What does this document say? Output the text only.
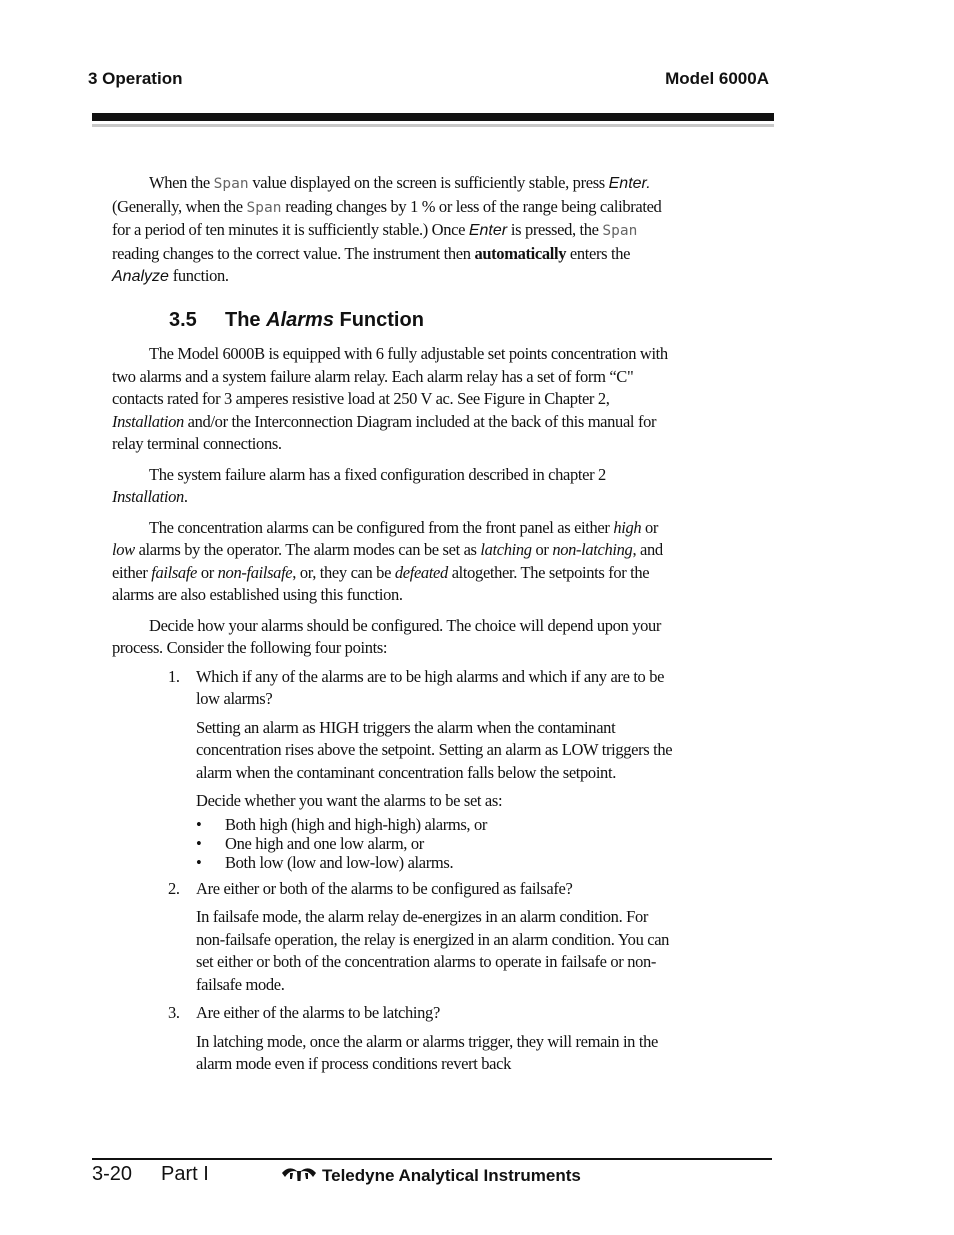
3 Operation	Model 6000A

When the Span value displayed on the screen is sufficiently stable, press Enter. (Generally, when the Span reading changes by 1 % or less of the range being calibrated for a period of ten minutes it is sufficiently stable.) Once Enter is pressed, the Span reading changes to the correct value. The instrument then automatically enters the Analyze function.

3.5 The Alarms Function

The Model 6000B is equipped with 6 fully adjustable set points concentration with two alarms and a system failure alarm relay. Each alarm relay has a set of form “C" contacts rated for 3 amperes resistive load at 250 V ac. See Figure in Chapter 2, Installation and/or the Interconnection Diagram included at the back of this manual for relay terminal connections.

The system failure alarm has a fixed configuration described in chapter 2 Installation.

The concentration alarms can be configured from the front panel as either high or low alarms by the operator. The alarm modes can be set as latching or non-latching, and either failsafe or non-failsafe, or, they can be defeated altogether. The setpoints for the alarms are also established using this function.

Decide how your alarms should be configured. The choice will depend upon your process. Consider the following four points:

1. Which if any of the alarms are to be high alarms and which if any are to be low alarms?
Setting an alarm as HIGH triggers the alarm when the contaminant concentration rises above the setpoint. Setting an alarm as LOW triggers the alarm when the contaminant concentration falls below the setpoint.
Decide whether you want the alarms to be set as:
• Both high (high and high-high) alarms, or
• One high and one low alarm, or
• Both low (low and low-low) alarms.
2. Are either or both of the alarms to be configured as failsafe?
In failsafe mode, the alarm relay de-energizes in an alarm condition. For non-failsafe operation, the relay is energized in an alarm condition. You can set either or both of the concentration alarms to operate in failsafe or non-failsafe mode.
3. Are either of the alarms to be latching?
In latching mode, once the alarm or alarms trigger, they will remain in the alarm mode even if process conditions revert back
3-20 Part I	Teledyne Analytical Instruments
